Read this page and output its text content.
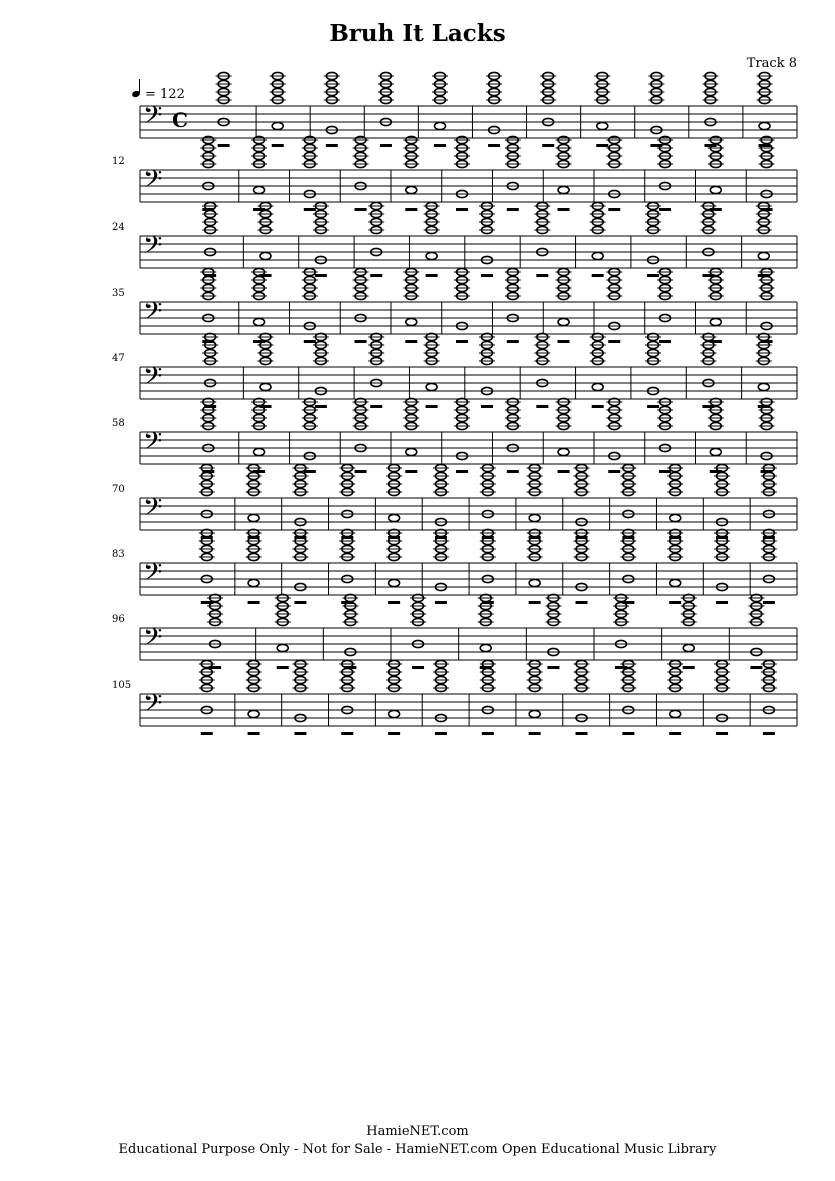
Bruh It Lacks
Track 8
𝄢 C
= 122
𝄢
12
𝄢
24
𝄢
35
𝄢
47
𝄢
58
𝄢
70
𝄢
83
𝄢
96
𝄢
105
HamieNET.com
Educational Purpose Only - Not for Sale - HamieNET.com Open Educational Music Library
